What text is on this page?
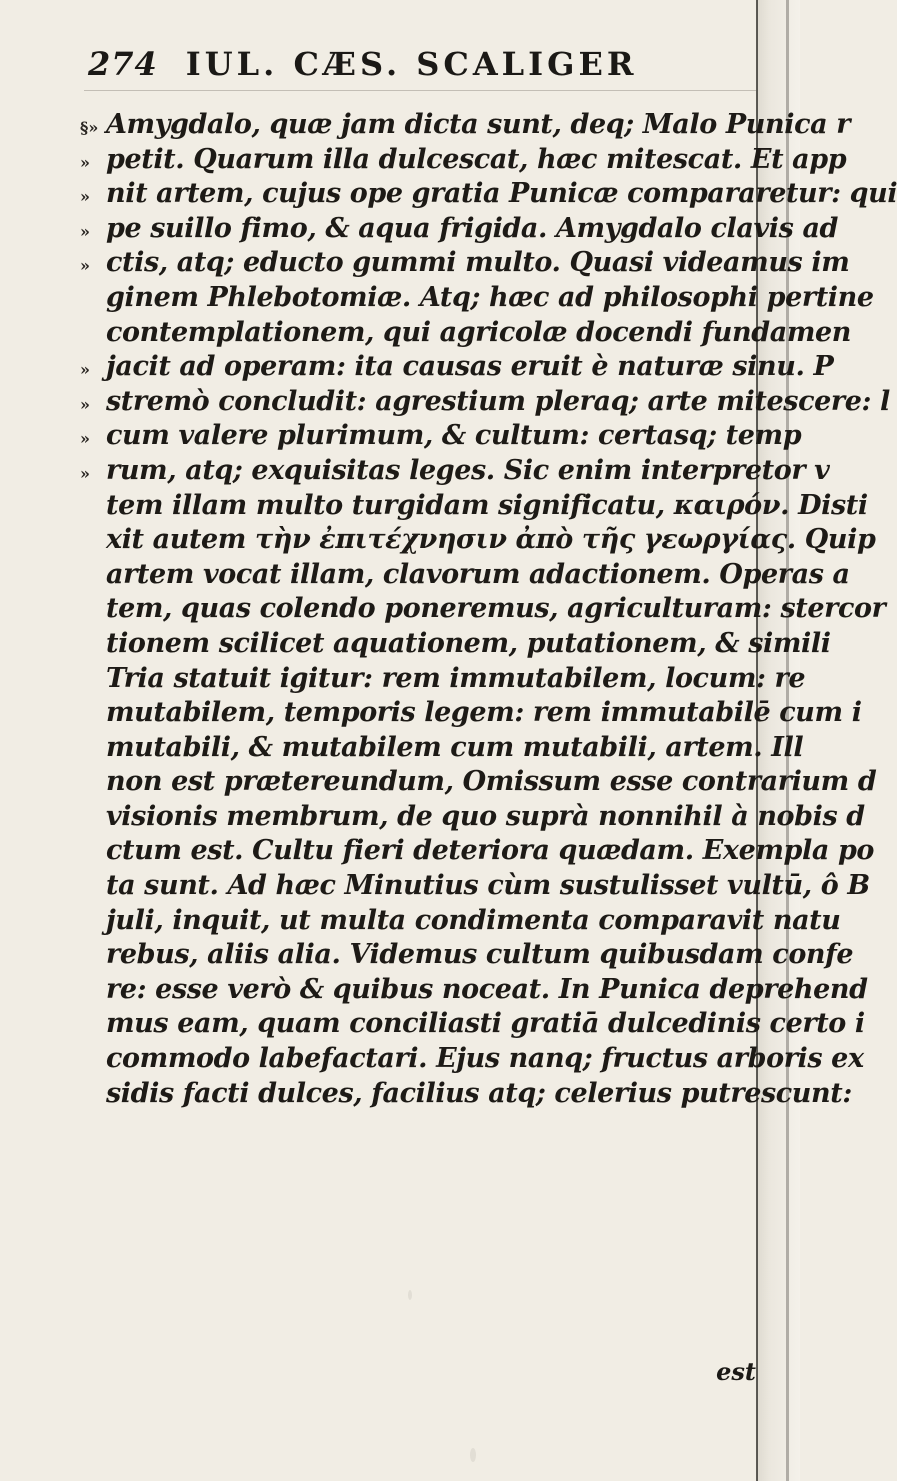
§» Amygdalo, quæ jam dicta sunt, deq; Malo Punica r
» petit. Quarum illa dulcescat, hæc mitescat. Et app
» nit artem, cujus ope gratia Punicæ compararetur: qui
» pe suillo fimo, & aqua frigida. Amygdalo clavis ad
» ctis, atq; educto gummi multo. Quasi videamus im
ginem Phlebotomiæ. Atq; hæc ad philosophi pertine
contemplationem, qui agricolæ docendi fundamen
» jacit ad operam: ita causas eruit è naturæ sinu. P
» stremò concludit: agrestium pleraq; arte mitescere: l
» cum valere plurimum, & cultum: certasq; temp
» rum, atq; exquisitas leges. Sic enim interpretor v
tem illam multo turgidam significatu, καιρόν. Disti
xit autem τὴν ἐπιτέχνησιν ἀπὸ τῆς γεωργίας. Quip
artem vocat illam, clavorum adactionem. Operas a
tem, quas colendo poneremus, agriculturam: stercor
tionem scilicet aquationem, putationem, & simili
Tria statuit igitur: rem immutabilem, locum: re
mutabilem, temporis legem: rem immutabilē cum i
mutabili, & mutabilem cum mutabili, artem. Ill
non est prætereundum, Omissum esse contrarium d
visionis membrum, de quo suprà nonnihil à nobis d
ctum est. Cultu fieri deteriora quædam. Exempla po
ta sunt. Ad hæc Minutius cùm sustulisset vultū, ô B
juli, inquit, ut multa condimenta comparavit natu
rebus, aliis alia. Videmus cultum quibusdam confe
re: esse verò & quibus noceat. In Punica deprehend
mus eam, quam conciliasti gratiā dulcedinis certo i
commodo labefactari. Ejus nanq; fructus arboris ex
sidis facti dulces, facilius atq; celerius putrescunt:
274 IUL. CÆS. SCALIGER
est
